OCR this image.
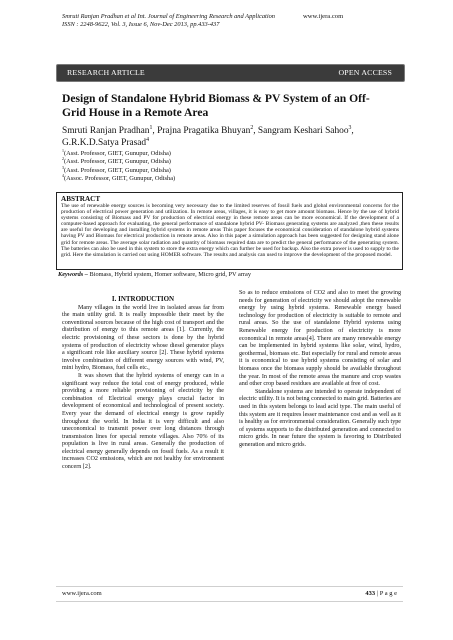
Smruti Ranjan Pradhan et al Int. Journal of Engineering Research and Application
ISSN : 2248-9622, Vol. 3, Issue 6, Nov-Dec 2013, pp.433-437
www.ijera.com
RESEARCH ARTICLE	OPEN ACCESS
Design of Standalone Hybrid Biomass & PV System of an Off-Grid House in a Remote Area
Smruti Ranjan Pradhan$^1$, Prajna Pragatika Bhuyan$^2$, Sangram Keshari Sahoo$^3$, G.R.K.D.Satya Prasad$^4$
$^1$(Asst. Professor, GIET, Gunupur, Odisha)
$^2$(Asst. Professor, GIET, Gunupur, Odisha)
$^3$(Asst. Professor, GIET, Gunupur, Odisha)
$^4$(Assoc. Professor, GIET, Gunupur, Odisha)
ABSTRACT
The use of renewable energy sources is becoming very necessary due to the limited reserves of fossil fuels and global environmental concerns for the production of electrical power generation and utilization. In remote areas, villages, it is easy to get more amount biomass. Hence by the use of hybrid systems consisting of Biomass and PV for production of electrical energy in these remote areas can be more economical. If the development of a computer-based approach for evaluating, the general performance of standalone hybrid PV- Biomass generating systems are analyzed ,then these results are useful for developing and installing hybrid systems in remote areas This paper focuses the economical consideration of standalone hybrid systems having PV and Biomass for electrical production in remote areas. Also in this paper a simulation approach has been suggested for designing stand alone grid for remote areas. The average solar radiation and quantity of biomass required data are to predict the general performance of the generating system. The batteries can also be used in this system to store the extra energy which can further be used for backup. Also the extra power is used to supply to the grid. Here the simulation is carried out using HOMER software. The results and analysis can used to improve the development of the proposed model.
Keywords – Biomass, Hybrid system, Homer software, Micro grid, PV array
I. INTRODUCTION

Many villages in the world live in isolated areas far from the main utility grid. It is really impossible their meet by the conventional sources because of the high cost of transport and the distribution of energy to this remote areas [1]. Currently, the electric provisioning of these sectors is done by the hybrid systems of production of electricity whose diesel generator plays a significant role like auxiliary source [2]. These hybrid systems involve combination of different energy sources with wind, PV, mini hydro, Biomass, fuel cells etc.,

It was shown that the hybrid systems of energy can in a significant way reduce the total cost of energy produced, while providing a more reliable provisioning of electricity by the combination of Electrical energy plays crucial factor in development of economical and technological of present society. Every year the demand of electrical energy is grow rapidly throughout the world. In India it is very difficult and also uneconomical to transmit power over long distances through transmission lines for special remote villages. Also 70% of its population is live in rural areas. Generally the production of electrical energy generally depends on fossil fuels. As a result it increases CO2 emissions, which are not healthy for environment concern [2].

So as to reduce emissions of CO2 and also to meet the growing needs for generation of electricity we should adopt the renewable energy by using hybrid systems. Renewable energy based technology for production of electricity is suitable to remote and rural areas. So the use of standalone Hybrid systems using Renewable energy for production of electricity is more economical in remote areas[4]. There are many renewable energy can be implemented in hybrid systems like solar, wind, hydro, geothermal, biomass etc. But especially for rural and remote areas it is economical to use hybrid systems consisting of solar and biomass once the biomass supply should be available throughout the year. In most of the remote areas the manure and crop wastes and other crop based residues are available at free of cost.

Standalone systems are intended to operate independent of electric utility. It is not being connected to main grid. Batteries are used in this system belongs to lead acid type. The main useful of this system are it requires lesser maintenance cost and as well as it is healthy as for environmental consideration. Generally such type of systems supports to the distributed generation and connected to micro grids. In near future the system is favoring to Distributed generation and micro grids.

www.ijera.com	433 | P a g e
